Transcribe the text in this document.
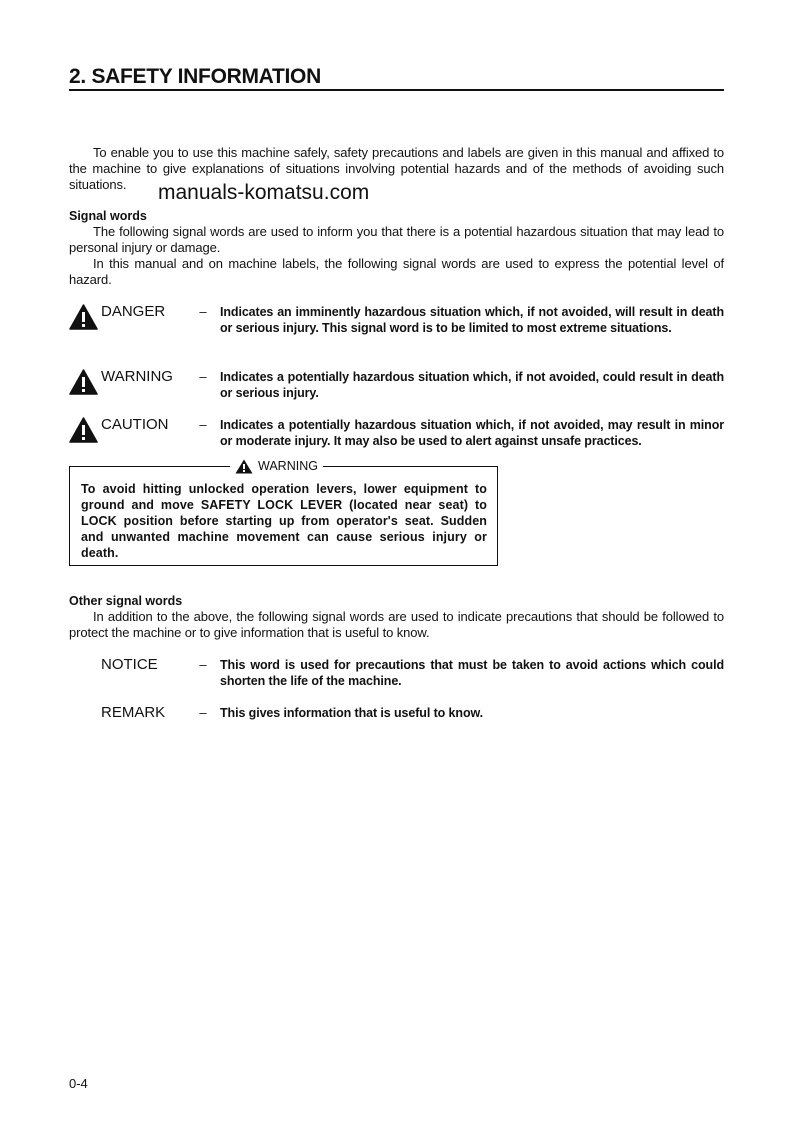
2. SAFETY INFORMATION
To enable you to use this machine safely, safety precautions and labels are given in this manual and affixed to the machine to give explanations of situations involving potential hazards and of the methods of avoiding such situations.	manuals-komatsu.com
Signal words
The following signal words are used to inform you that there is a potential hazardous situation that may lead to personal injury or damage.
In this manual and on machine labels, the following signal words are used to express the potential level of hazard.
DANGER	–	Indicates an imminently hazardous situation which, if not avoided, will result in death or serious injury. This signal word is to be limited to most extreme situations.
WARNING	–	Indicates a potentially hazardous situation which, if not avoided, could result in death or serious injury.
CAUTION	–	Indicates a potentially hazardous situation which, if not avoided, may result in minor or moderate injury. It may also be used to alert against unsafe practices.
WARNING
To avoid hitting unlocked operation levers, lower equipment to ground and move SAFETY LOCK LEVER (located near seat) to LOCK position before starting up from operator's seat. Sudden and unwanted machine movement can cause serious injury or death.
Other signal words
In addition to the above, the following signal words are used to indicate precautions that should be followed to protect the machine or to give information that is useful to know.
NOTICE	–	This word is used for precautions that must be taken to avoid actions which could shorten the life of the machine.
REMARK	–	This gives information that is useful to know.
0-4
